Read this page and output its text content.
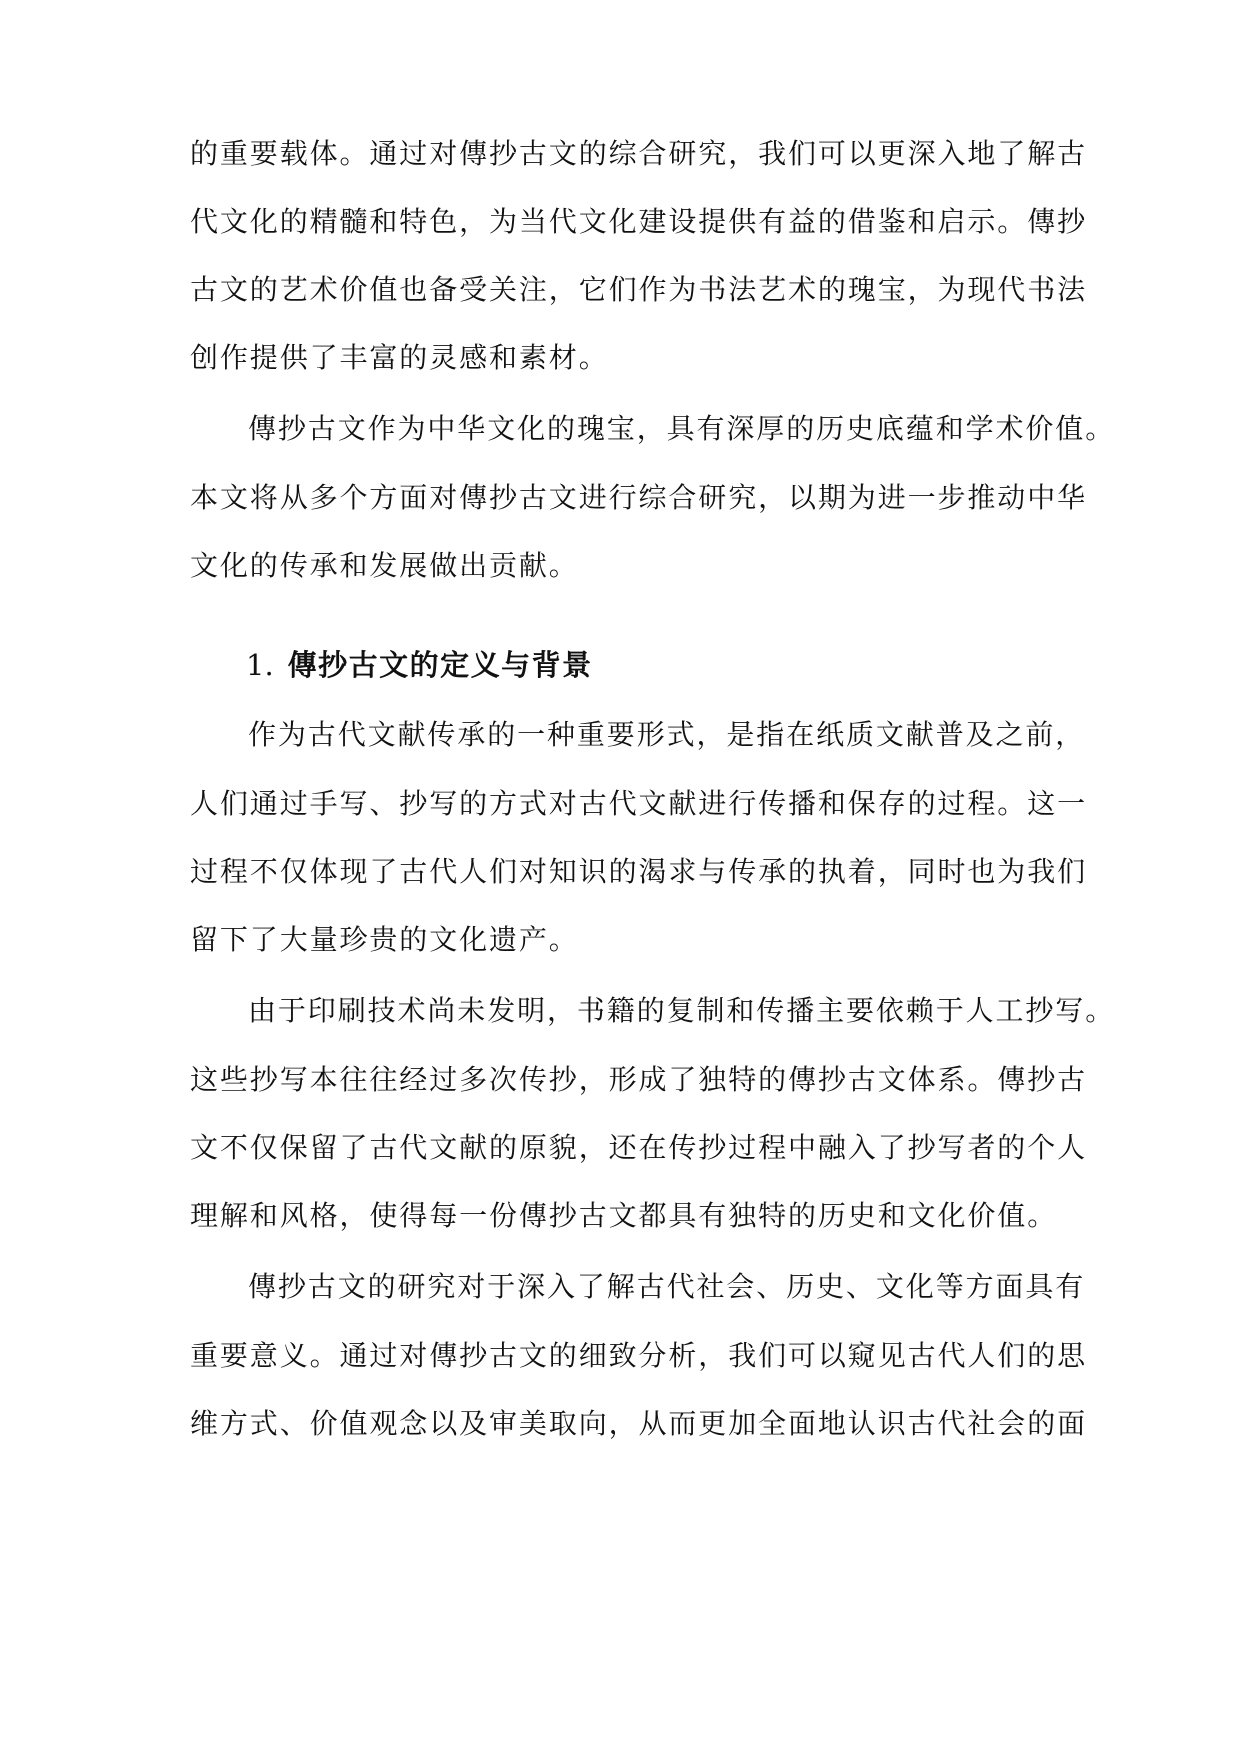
的重要载体。通过对傳抄古文的综合研究，我们可以更深入地了解古
代文化的精髓和特色，为当代文化建设提供有益的借鉴和启示。傳抄
古文的艺术价值也备受关注，它们作为书法艺术的瑰宝，为现代书法
创作提供了丰富的灵感和素材。
傳抄古文作为中华文化的瑰宝，具有深厚的历史底蕴和学术价值。
本文将从多个方面对傳抄古文进行综合研究，以期为进一步推动中华
文化的传承和发展做出贡献。
1. 傳抄古文的定义与背景
作为古代文献传承的一种重要形式，是指在纸质文献普及之前，
人们通过手写、抄写的方式对古代文献进行传播和保存的过程。这一
过程不仅体现了古代人们对知识的渴求与传承的执着，同时也为我们
留下了大量珍贵的文化遗产。
由于印刷技术尚未发明，书籍的复制和传播主要依赖于人工抄写。
这些抄写本往往经过多次传抄，形成了独特的傳抄古文体系。傳抄古
文不仅保留了古代文献的原貌，还在传抄过程中融入了抄写者的个人
理解和风格，使得每一份傳抄古文都具有独特的历史和文化价值。
傳抄古文的研究对于深入了解古代社会、历史、文化等方面具有
重要意义。通过对傳抄古文的细致分析，我们可以窥见古代人们的思
维方式、价值观念以及审美取向，从而更加全面地认识古代社会的面
